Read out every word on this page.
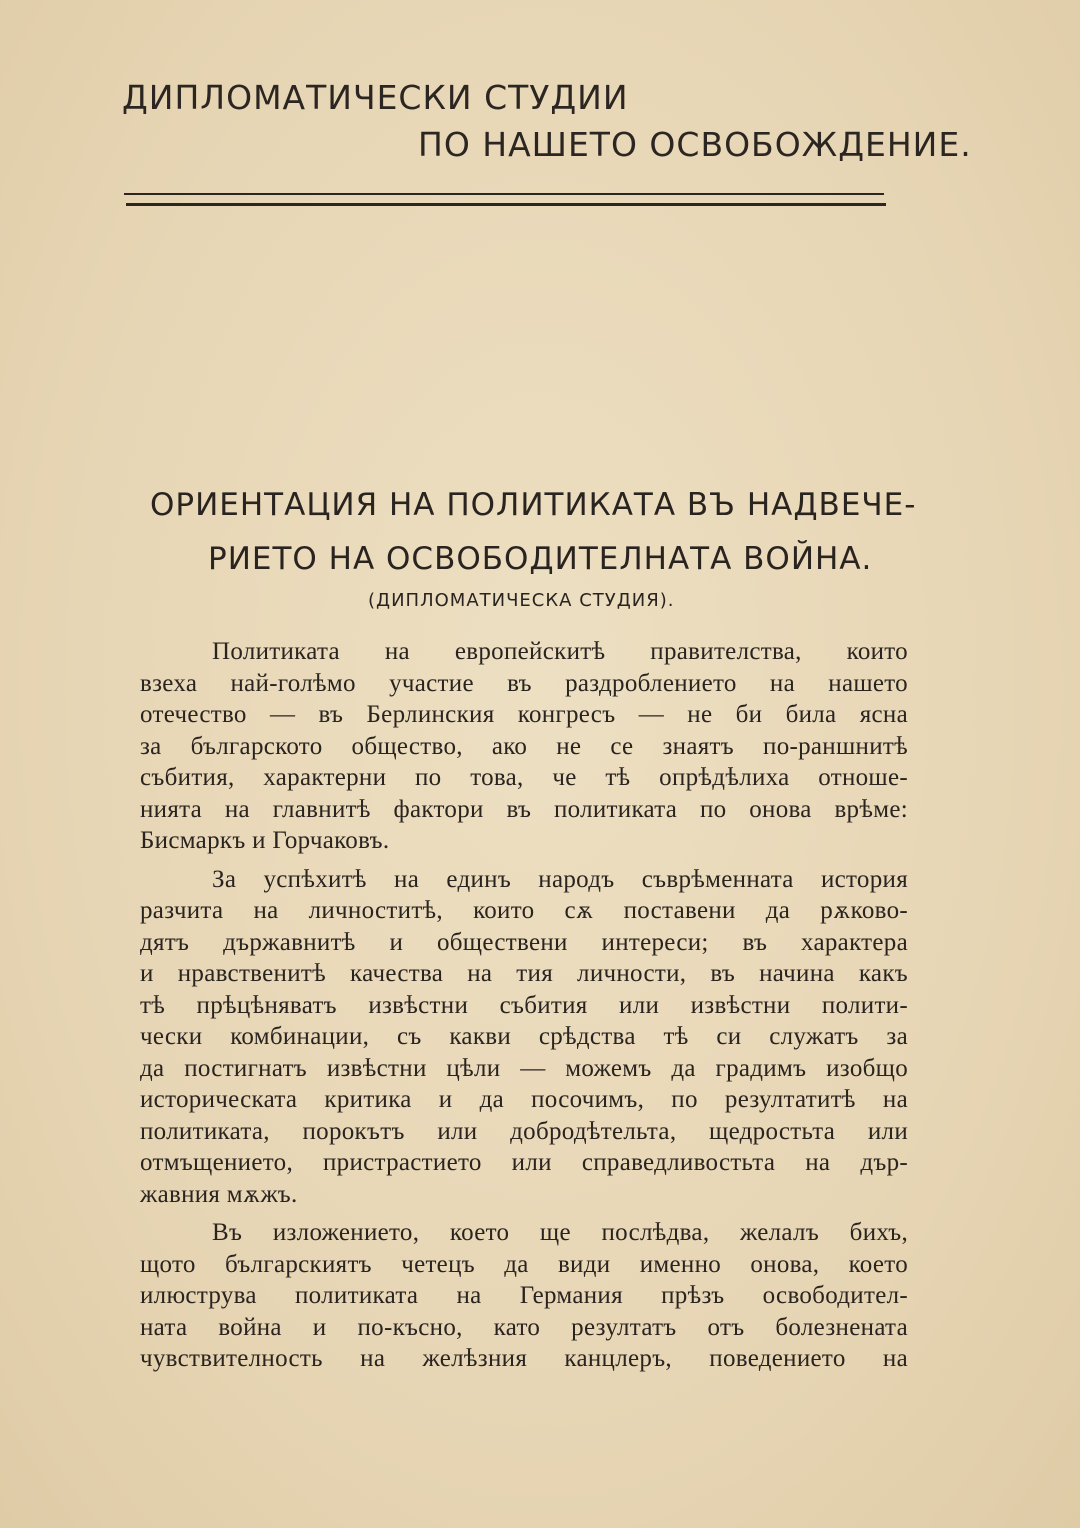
ДИПЛОМАТИЧЕСКИ СТУДИИ
ПО НАШЕТО ОСВОБОЖДЕНИЕ.
ОРИЕНТАЦИЯ НА ПОЛИТИКАТА ВЪ НАДВЕЧЕ-
РИЕТО НА ОСВОБОДИТЕЛНАТА ВОЙНА.
(ДИПЛОМАТИЧЕСКА СТУДИЯ).
Политиката на европейскитѣ правителства, които
взеха най-голѣмо участие въ раздроблението на нашето
отечество — въ Берлинския конгресъ — не би била ясна
за българското общество, ако не се знаятъ по-раншнитѣ
събития, характерни по това, че тѣ опрѣдѣлиха отноше-
нията на главнитѣ фактори въ политиката по онова врѣме:
Бисмаркъ и Горчаковъ.
За успѣхитѣ на единъ народъ съврѣменната история
разчита на личноститѣ, които сѫ поставени да рѫково-
дятъ държавнитѣ и обществени интереси; въ характера
и нравственитѣ качества на тия личности, въ начина какъ
тѣ прѣцѣняватъ извѣстни събития или извѣстни полити-
чески комбинации, съ какви срѣдства тѣ си служатъ за
да постигнатъ извѣстни цѣли — можемъ да градимъ изобщо
историческата критика и да посочимъ, по резултатитѣ на
политиката, порокътъ или добродѣтельта, щедростьта или
отмъщението, пристрастието или справедливостьта на дър-
жавния мѫжъ.
Въ изложението, което ще послѣдва, желалъ бихъ,
щото българскиятъ четецъ да види именно онова, което
илюструва политиката на Германия прѣзъ освободител-
ната война и по-късно, като резултатъ отъ болезнената
чувствителность на желѣзния канцлеръ, поведението на
